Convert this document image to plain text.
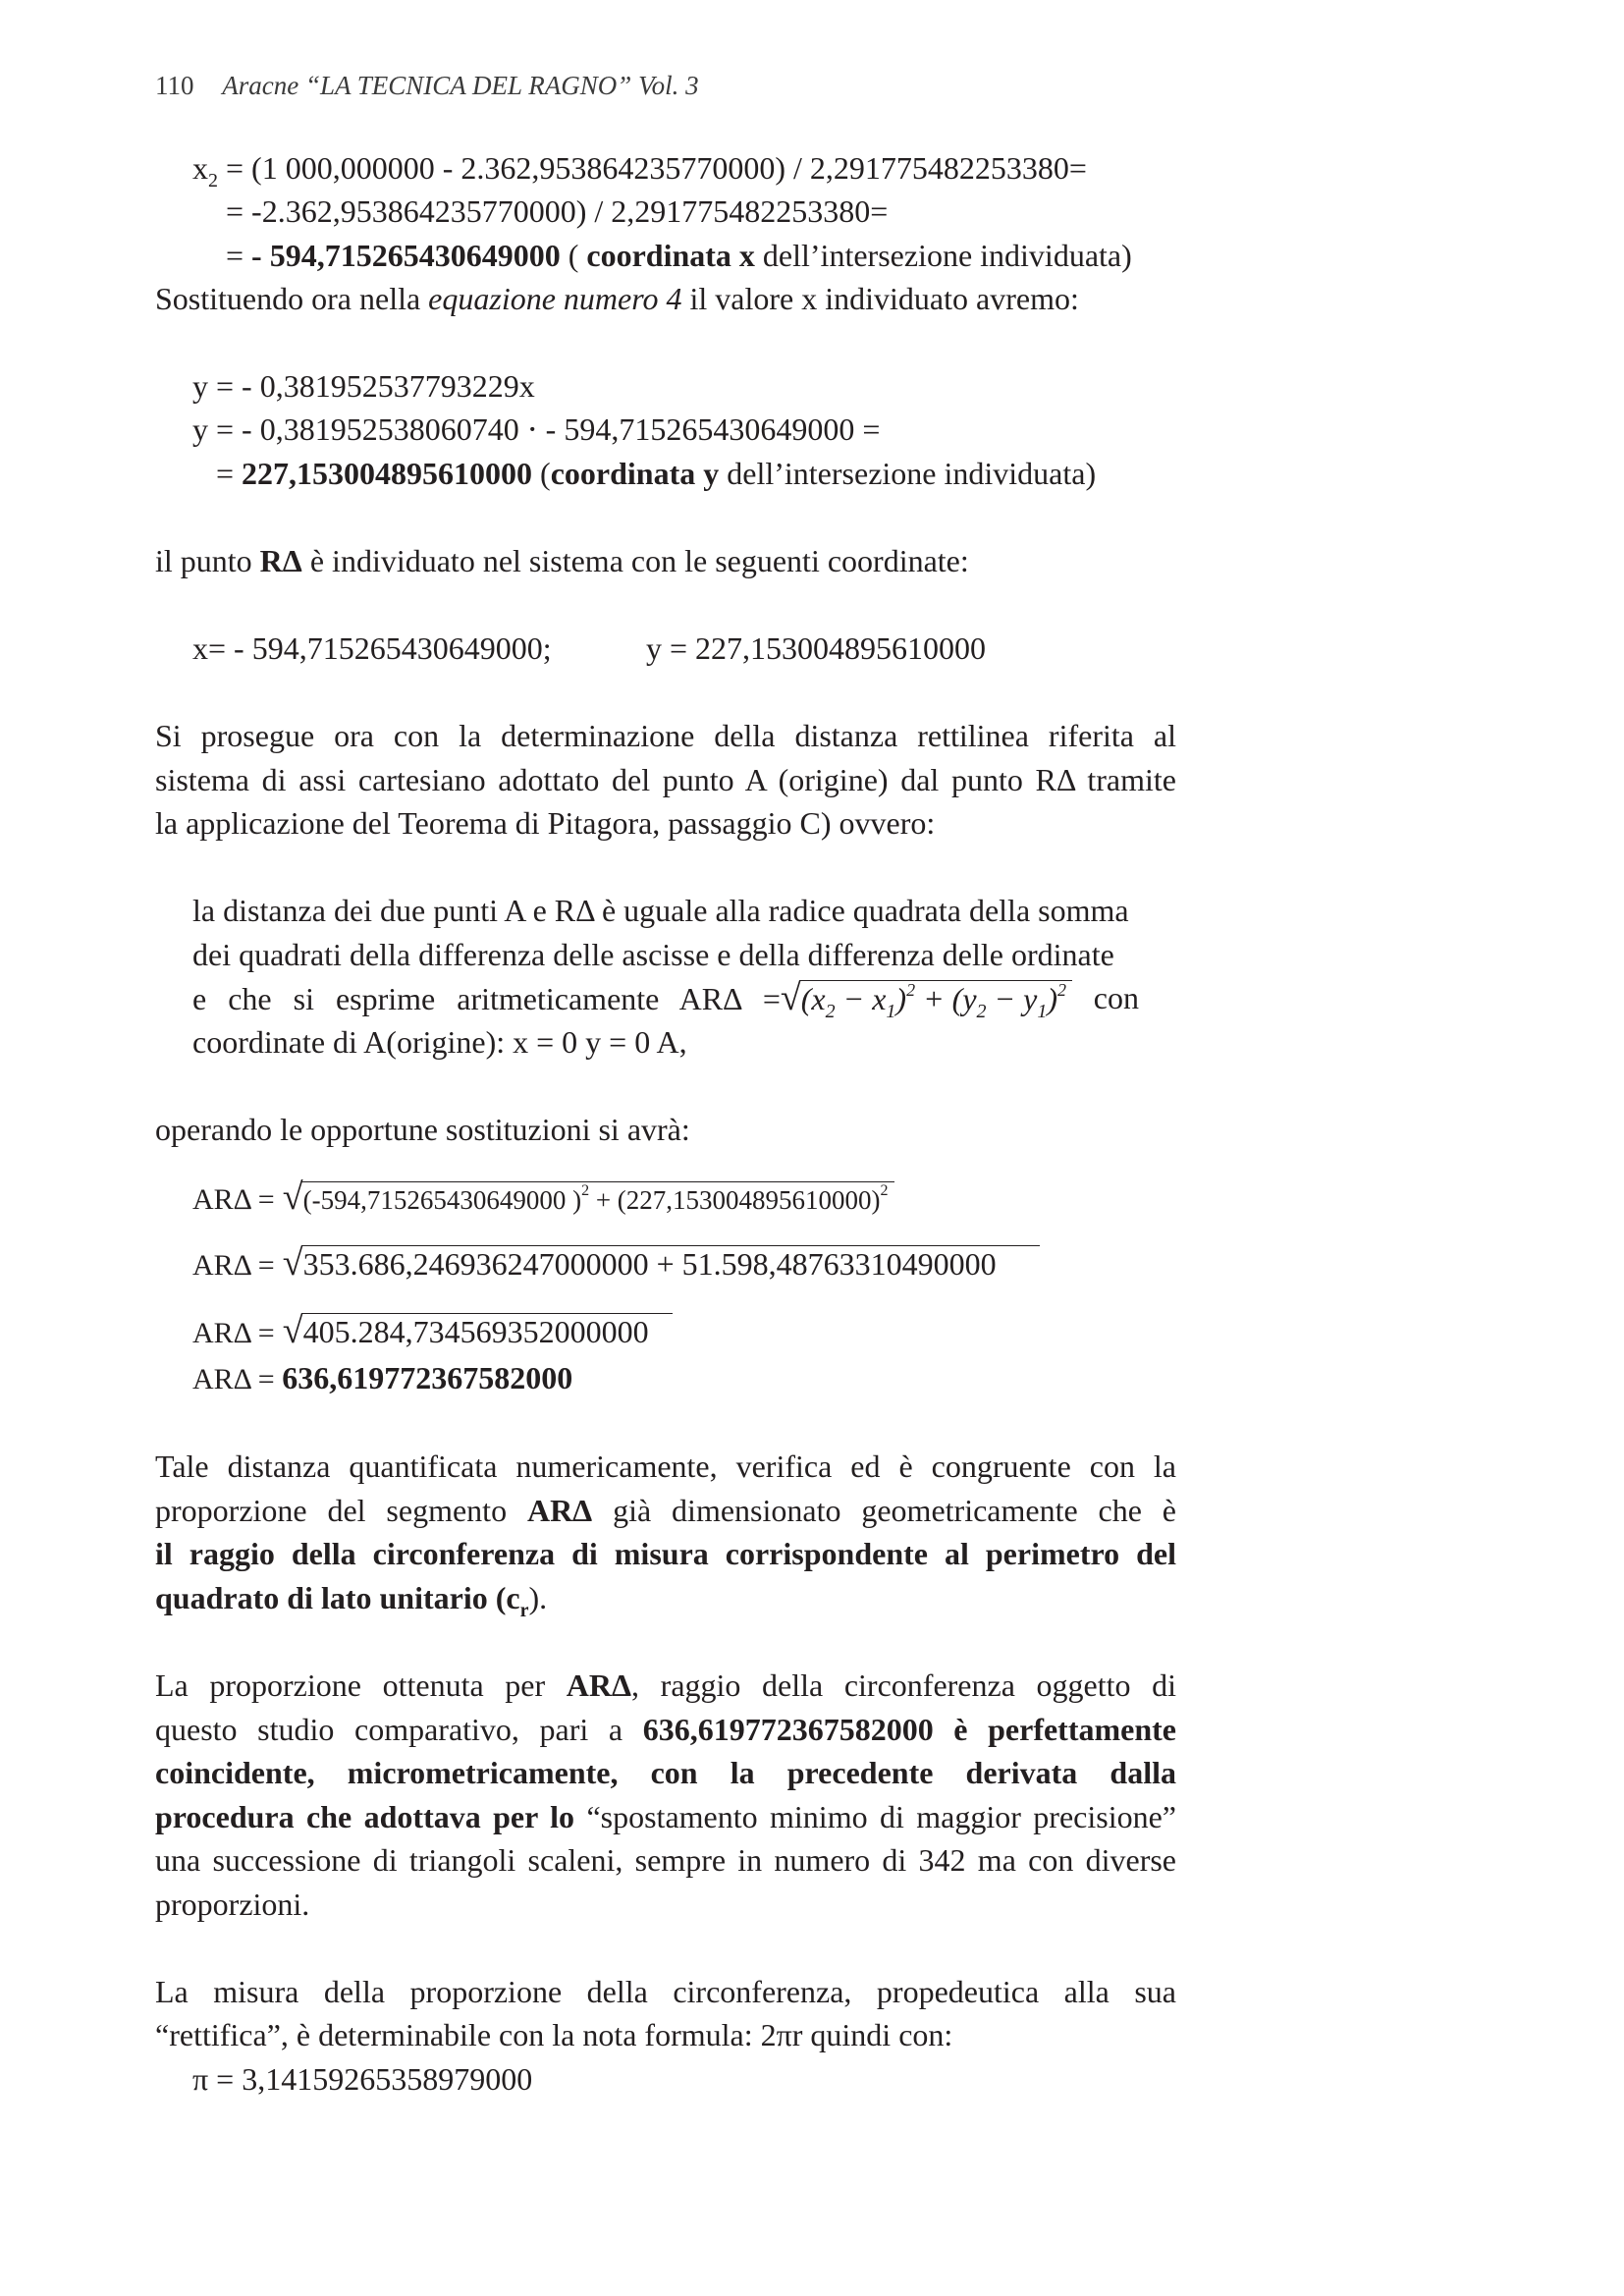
110 Aracne “LA TECNICA DEL RAGNO” Vol. 3
$x_2 = (1$ 000,000000 - 2.362,953864235770000) / 2,291775482253380=
= -2.362,953864235770000) / 2,291775482253380=
= - 594,715265430649000 ( coordinata x dell’intersezione individuata)
Sostituendo ora nella equazione numero 4 il valore x individuato avremo:
y = - 0,381952537793229x
y = - 0,381952538060740 ⋅ - 594,715265430649000 =
= 227,153004895610000 (coordinata y dell’intersezione individuata)
il punto RΔ è individuato nel sistema con le seguenti coordinate:
x= - 594,715265430649000;	y = 227,153004895610000
Si prosegue ora con la determinazione della distanza rettilinea riferita al
sistema di assi cartesiano adottato del punto A (origine) dal punto RΔ tramite
la applicazione del Teorema di Pitagora, passaggio C) ovvero:
la distanza dei due punti A e RΔ è uguale alla radice quadrata della somma
dei quadrati della differenza delle ascisse e della differenza delle ordinate
e che si esprime aritmeticamente $AR\Delta =√(x_2 - x_1)^2 + (y_2 - y_1)^2$ con
coordinate di A(origine): x = 0 y = 0 A,
operando le opportune sostituzioni si avrà:
ARΔ = √(-594,715265430649000 )$^2 + (227,153004895610000)^2$
ARΔ = √353.686,246936247000000 + 51.598,48763310490000
ARΔ = √405.284,734569352000000
ARΔ = 636,619772367582000
Tale distanza quantificata numericamente, verifica ed è congruente con la
proporzione del segmento ARΔ già dimensionato geometricamente che è
il raggio della circonferenza di misura corrispondente al perimetro del
quadrato di lato unitario $(c_r)$.
La proporzione ottenuta per ARΔ, raggio della circonferenza oggetto di
questo studio comparativo, pari a 636,619772367582000 è perfettamente
coincidente, micrometricamente, con la precedente derivata dalla
procedura che adottava per lo “spostamento minimo di maggior precisione”
una successione di triangoli scaleni, sempre in numero di 342 ma con diverse
proporzioni.
La misura della proporzione della circonferenza, propedeutica alla sua
“rettifica”, è determinabile con la nota formula: 2πr quindi con:
π = 3,14159265358979000
